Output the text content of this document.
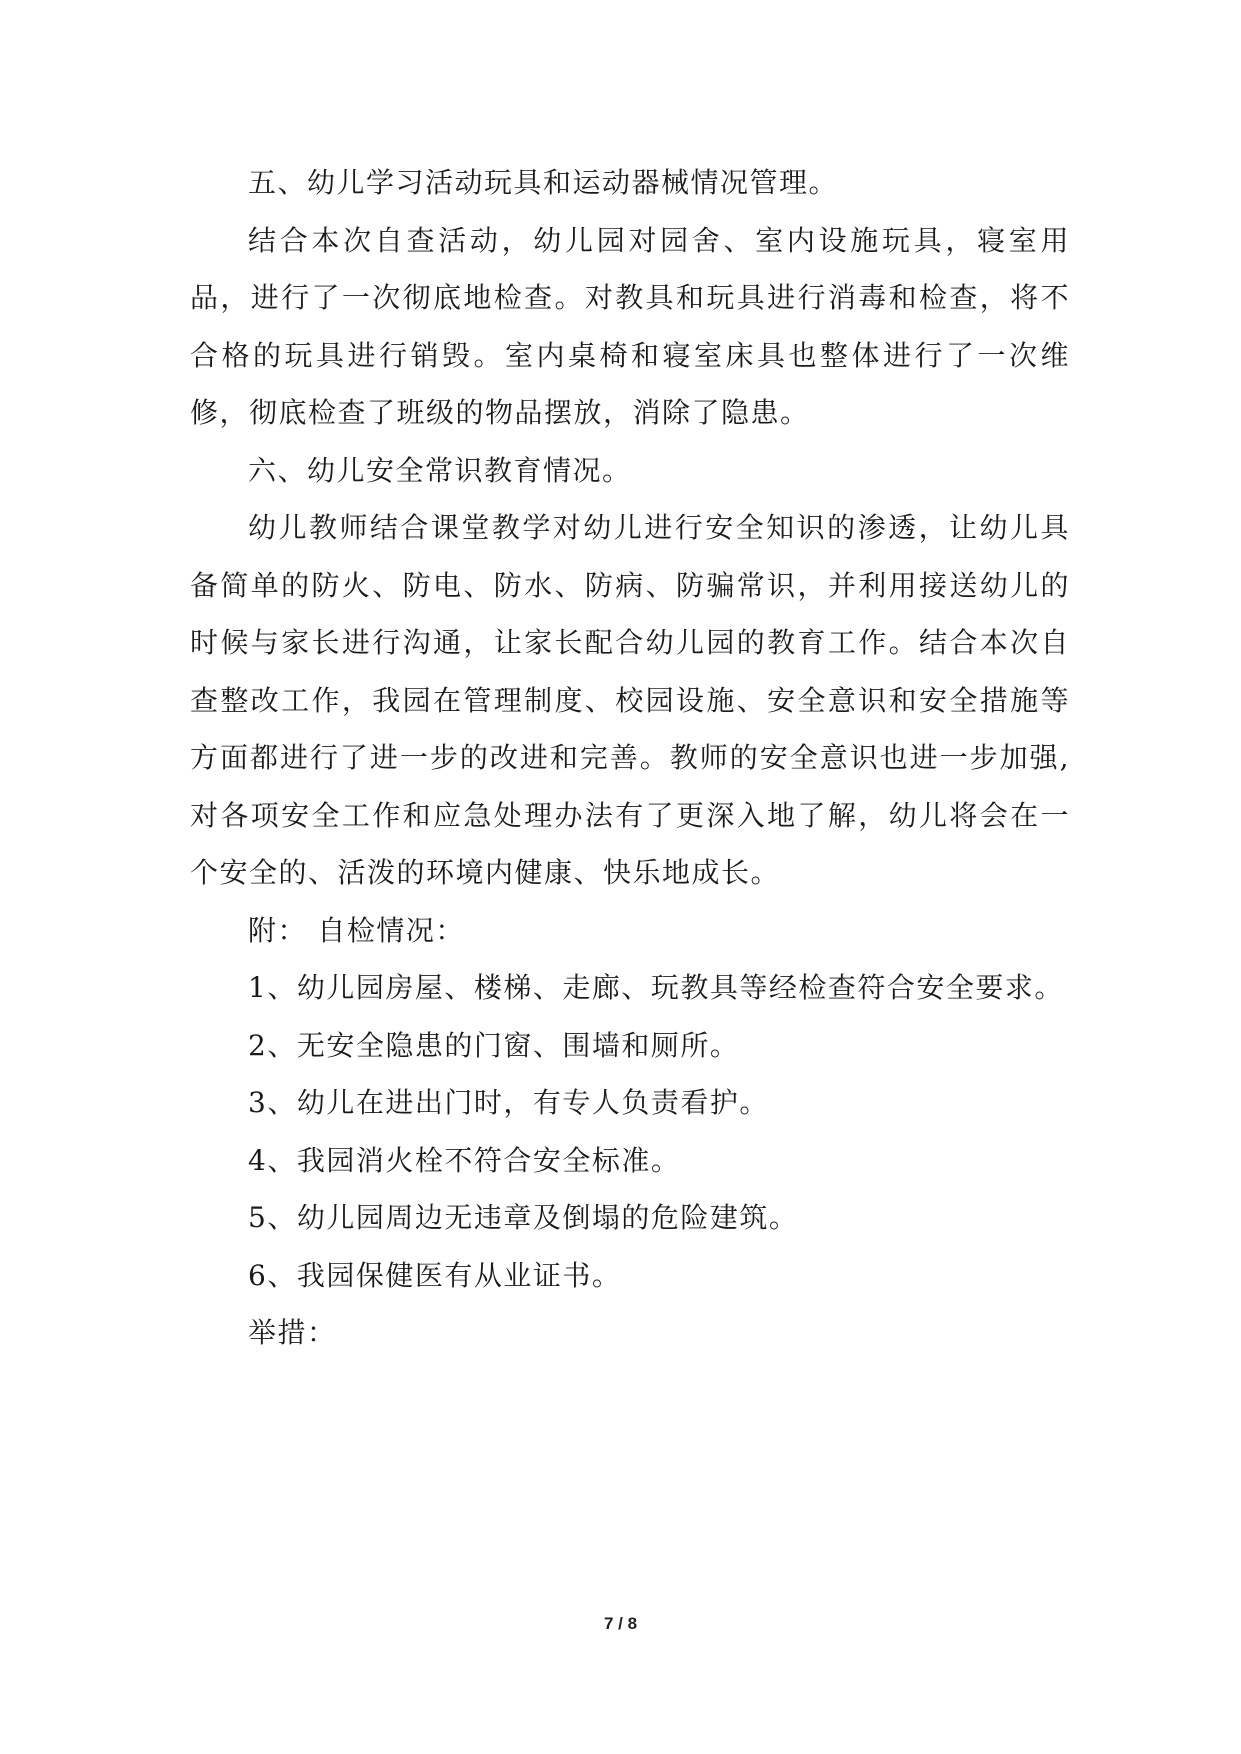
五、幼儿学习活动玩具和运动器械情况管理。

结合本次自查活动，幼儿园对园舍、室内设施玩具，寝室用品，进行了一次彻底地检查。对教具和玩具进行消毒和检查，将不合格的玩具进行销毁。室内桌椅和寝室床具也整体进行了一次维修，彻底检查了班级的物品摆放，消除了隐患。

六、幼儿安全常识教育情况。

幼儿教师结合课堂教学对幼儿进行安全知识的渗透，让幼儿具备简单的防火、防电、防水、防病、防骗常识，并利用接送幼儿的时候与家长进行沟通，让家长配合幼儿园的教育工作。结合本次自查整改工作，我园在管理制度、校园设施、安全意识和安全措施等方面都进行了进一步的改进和完善。教师的安全意识也进一步加强,对各项安全工作和应急处理办法有了更深入地了解，幼儿将会在一个安全的、活泼的环境内健康、快乐地成长。

附： 自检情况：

1、幼儿园房屋、楼梯、走廊、玩教具等经检查符合安全要求。

2、无安全隐患的门窗、围墙和厕所。

3、幼儿在进出门时，有专人负责看护。

4、我园消火栓不符合安全标准。

5、幼儿园周边无违章及倒塌的危险建筑。

6、我园保健医有从业证书。

举措：

7 / 8
